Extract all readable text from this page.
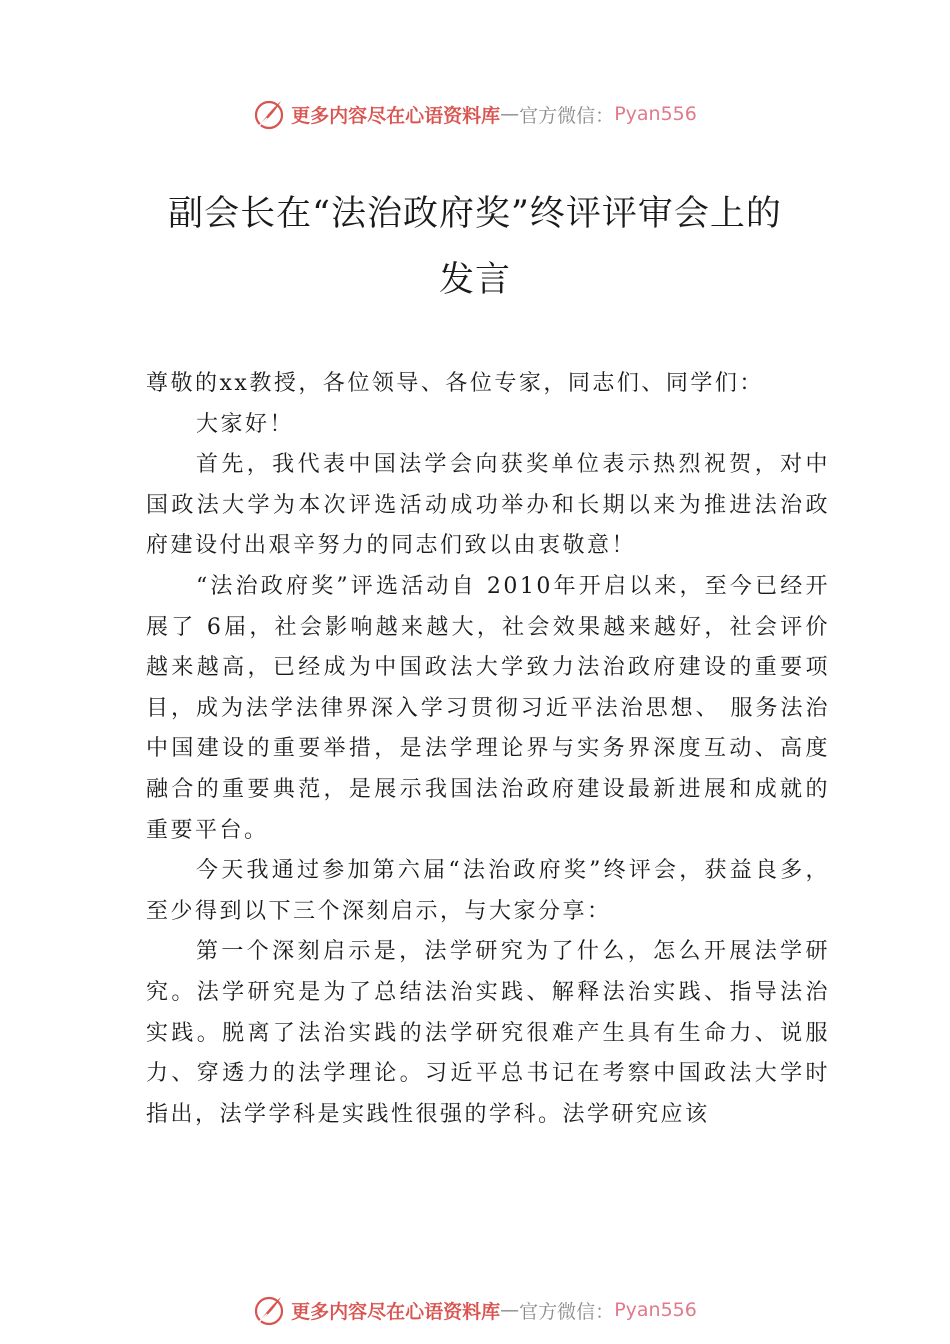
更多内容尽在心语资料库 — 官方微信： Pyan556
副会长在“法治政府奖”终评评审会上的
发言

尊敬的xx教授，各位领导、各位专家，同志们、同学们：

大家好！

首先，我代表中国法学会向获奖单位表示热烈祝贺，对中国政法大学为本次评选活动成功举办和长期以来为推进法治政府建设付出艰辛努力的同志们致以由衷敬意！

“法治政府奖”评选活动自 2010年开启以来，至今已经开展了 6届，社会影响越来越大，社会效果越来越好，社会评价越来越高，已经成为中国政法大学致力法治政府建设的重要项目，成为法学法律界深入学习贯彻习近平法治思想、 服务法治中国建设的重要举措，是法学理论界与实务界深度互动、高度融合的重要典范，是展示我国法治政府建设最新进展和成就的重要平台。

今天我通过参加第六届“法治政府奖”终评会，获益良多，至少得到以下三个深刻启示，与大家分享：

第一个深刻启示是，法学研究为了什么，怎么开展法学研究。法学研究是为了总结法治实践、解释法治实践、指导法治实践。脱离了法治实践的法学研究很难产生具有生命力、说服力、穿透力的法学理论。习近平总书记在考察中国政法大学时指出，法学学科是实践性很强的学科。法学研究应该

更多内容尽在心语资料库 — 官方微信： Pyan556
